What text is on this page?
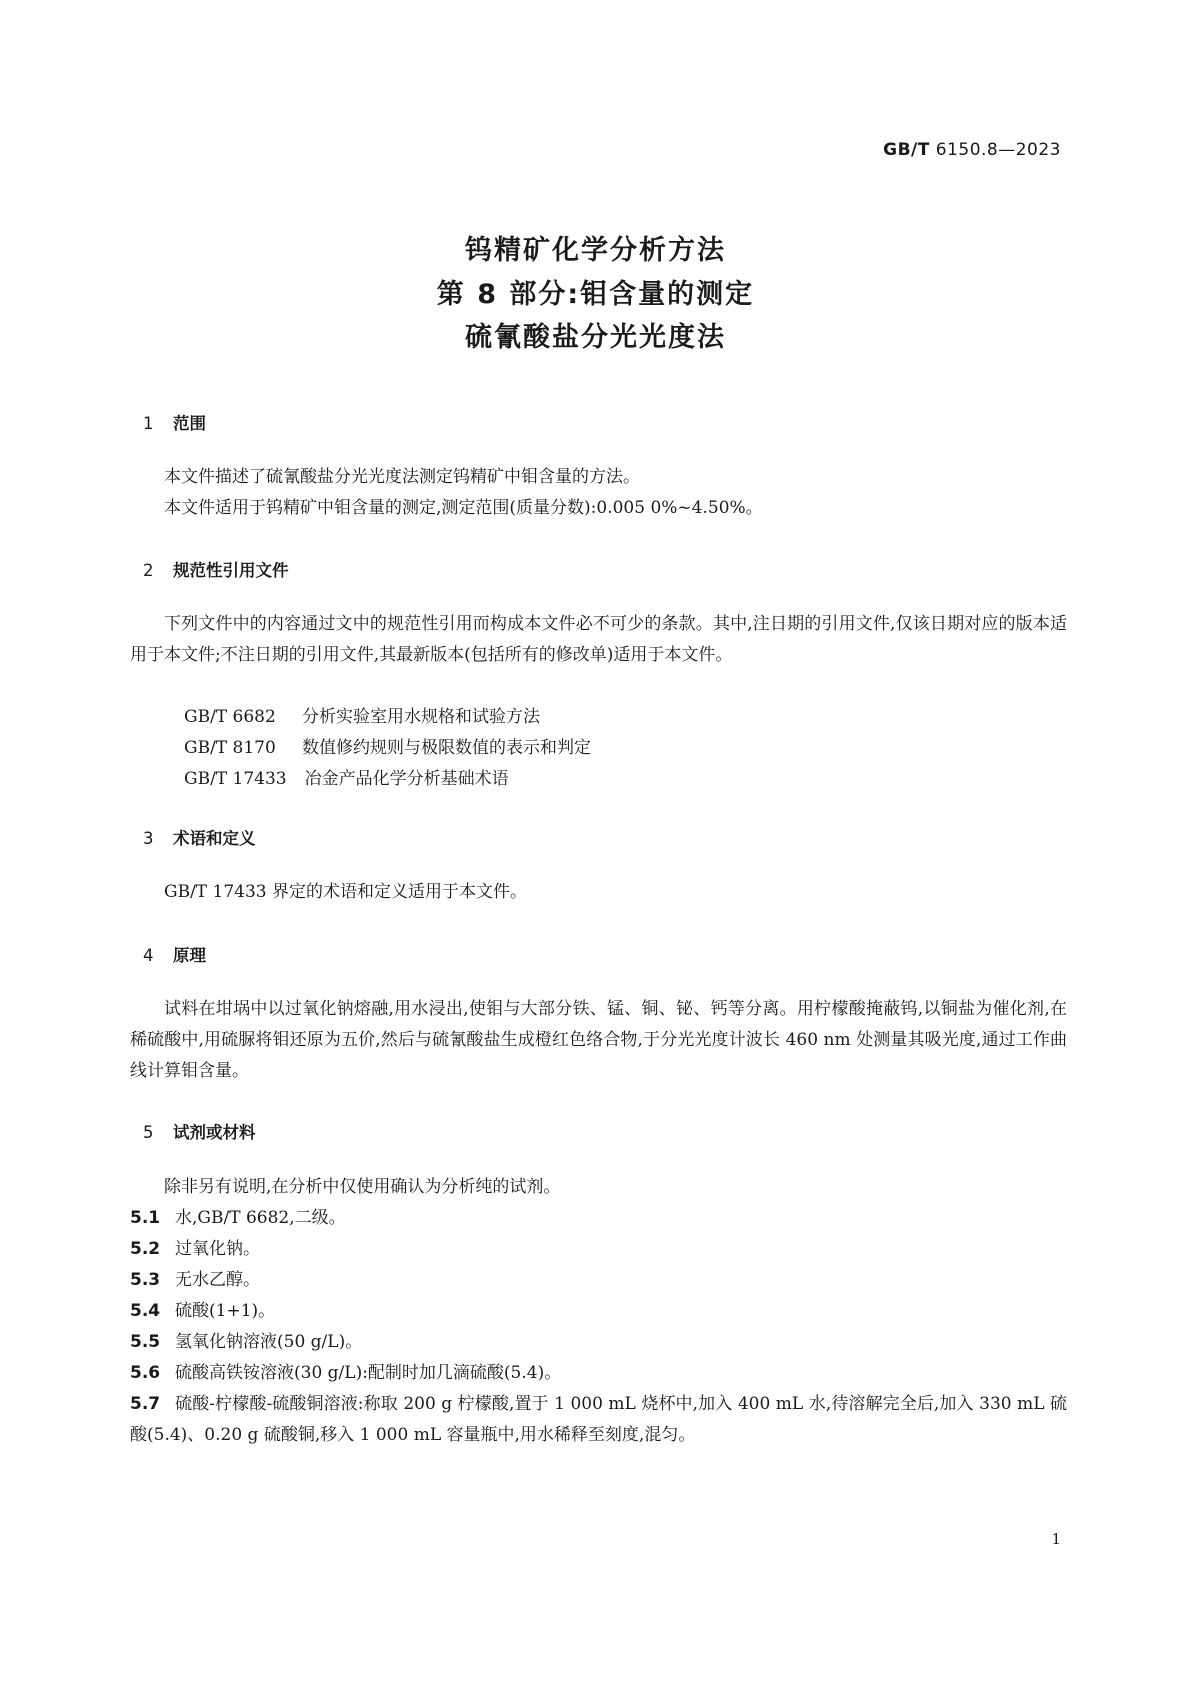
GB/T 6150.8—2023
钨精矿化学分析方法
第 8 部分:钼含量的测定
硫氰酸盐分光光度法
1 范围
本文件描述了硫氰酸盐分光光度法测定钨精矿中钼含量的方法。
本文件适用于钨精矿中钼含量的测定,测定范围(质量分数):0.005 0%~4.50%。
2 规范性引用文件
下列文件中的内容通过文中的规范性引用而构成本文件必不可少的条款。其中,注日期的引用文件,仅该日期对应的版本适用于本文件;不注日期的引用文件,其最新版本(包括所有的修改单)适用于本文件。
GB/T 6682 分析实验室用水规格和试验方法
GB/T 8170 数值修约规则与极限数值的表示和判定
GB/T 17433 冶金产品化学分析基础术语
3 术语和定义
GB/T 17433 界定的术语和定义适用于本文件。
4 原理
试料在坩埚中以过氧化钠熔融,用水浸出,使钼与大部分铁、锰、铜、铋、钙等分离。用柠檬酸掩蔽钨,以铜盐为催化剂,在稀硫酸中,用硫脲将钼还原为五价,然后与硫氰酸盐生成橙红色络合物,于分光光度计波长 460 nm 处测量其吸光度,通过工作曲线计算钼含量。
5 试剂或材料
除非另有说明,在分析中仅使用确认为分析纯的试剂。
5.1 水,GB/T 6682,二级。
5.2 过氧化钠。
5.3 无水乙醇。
5.4 硫酸(1+1)。
5.5 氢氧化钠溶液(50 g/L)。
5.6 硫酸高铁铵溶液(30 g/L):配制时加几滴硫酸(5.4)。
5.7 硫酸-柠檬酸-硫酸铜溶液:称取 200 g 柠檬酸,置于 1 000 mL 烧杯中,加入 400 mL 水,待溶解完全后,加入 330 mL 硫酸(5.4)、0.20 g 硫酸铜,移入 1 000 mL 容量瓶中,用水稀释至刻度,混匀。
1
